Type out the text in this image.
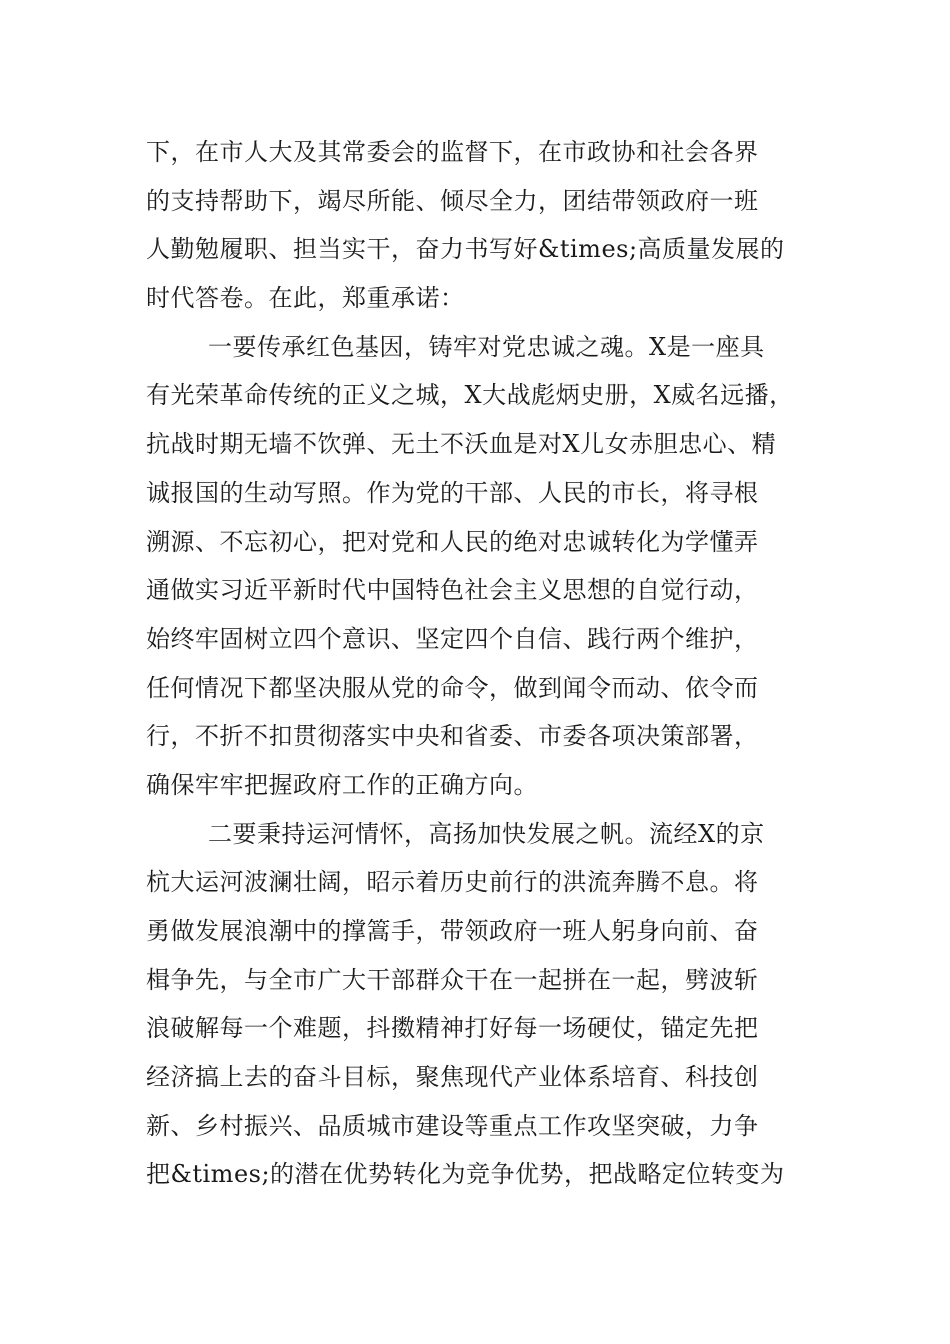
下，在市人大及其常委会的监督下，在市政协和社会各界
的支持帮助下，竭尽所能、倾尽全力，团结带领政府一班
人勤勉履职、担当实干，奋力书写好&times;高质量发展的
时代答卷。在此，郑重承诺：
一要传承红色基因，铸牢对党忠诚之魂。X是一座具
有光荣革命传统的正义之城，X大战彪炳史册，X威名远播，
抗战时期无墙不饮弹、无土不沃血是对X儿女赤胆忠心、精
诚报国的生动写照。作为党的干部、人民的市长，将寻根
溯源、不忘初心，把对党和人民的绝对忠诚转化为学懂弄
通做实习近平新时代中国特色社会主义思想的自觉行动，
始终牢固树立四个意识、坚定四个自信、践行两个维护，
任何情况下都坚决服从党的命令，做到闻令而动、依令而
行，不折不扣贯彻落实中央和省委、市委各项决策部署，
确保牢牢把握政府工作的正确方向。
二要秉持运河情怀，高扬加快发展之帆。流经X的京
杭大运河波澜壮阔，昭示着历史前行的洪流奔腾不息。将
勇做发展浪潮中的撑篙手，带领政府一班人躬身向前、奋
楫争先，与全市广大干部群众干在一起拼在一起，劈波斩
浪破解每一个难题，抖擞精神打好每一场硬仗，锚定先把
经济搞上去的奋斗目标，聚焦现代产业体系培育、科技创
新、乡村振兴、品质城市建设等重点工作攻坚突破，力争
把&times;的潜在优势转化为竞争优势，把战略定位转变为
